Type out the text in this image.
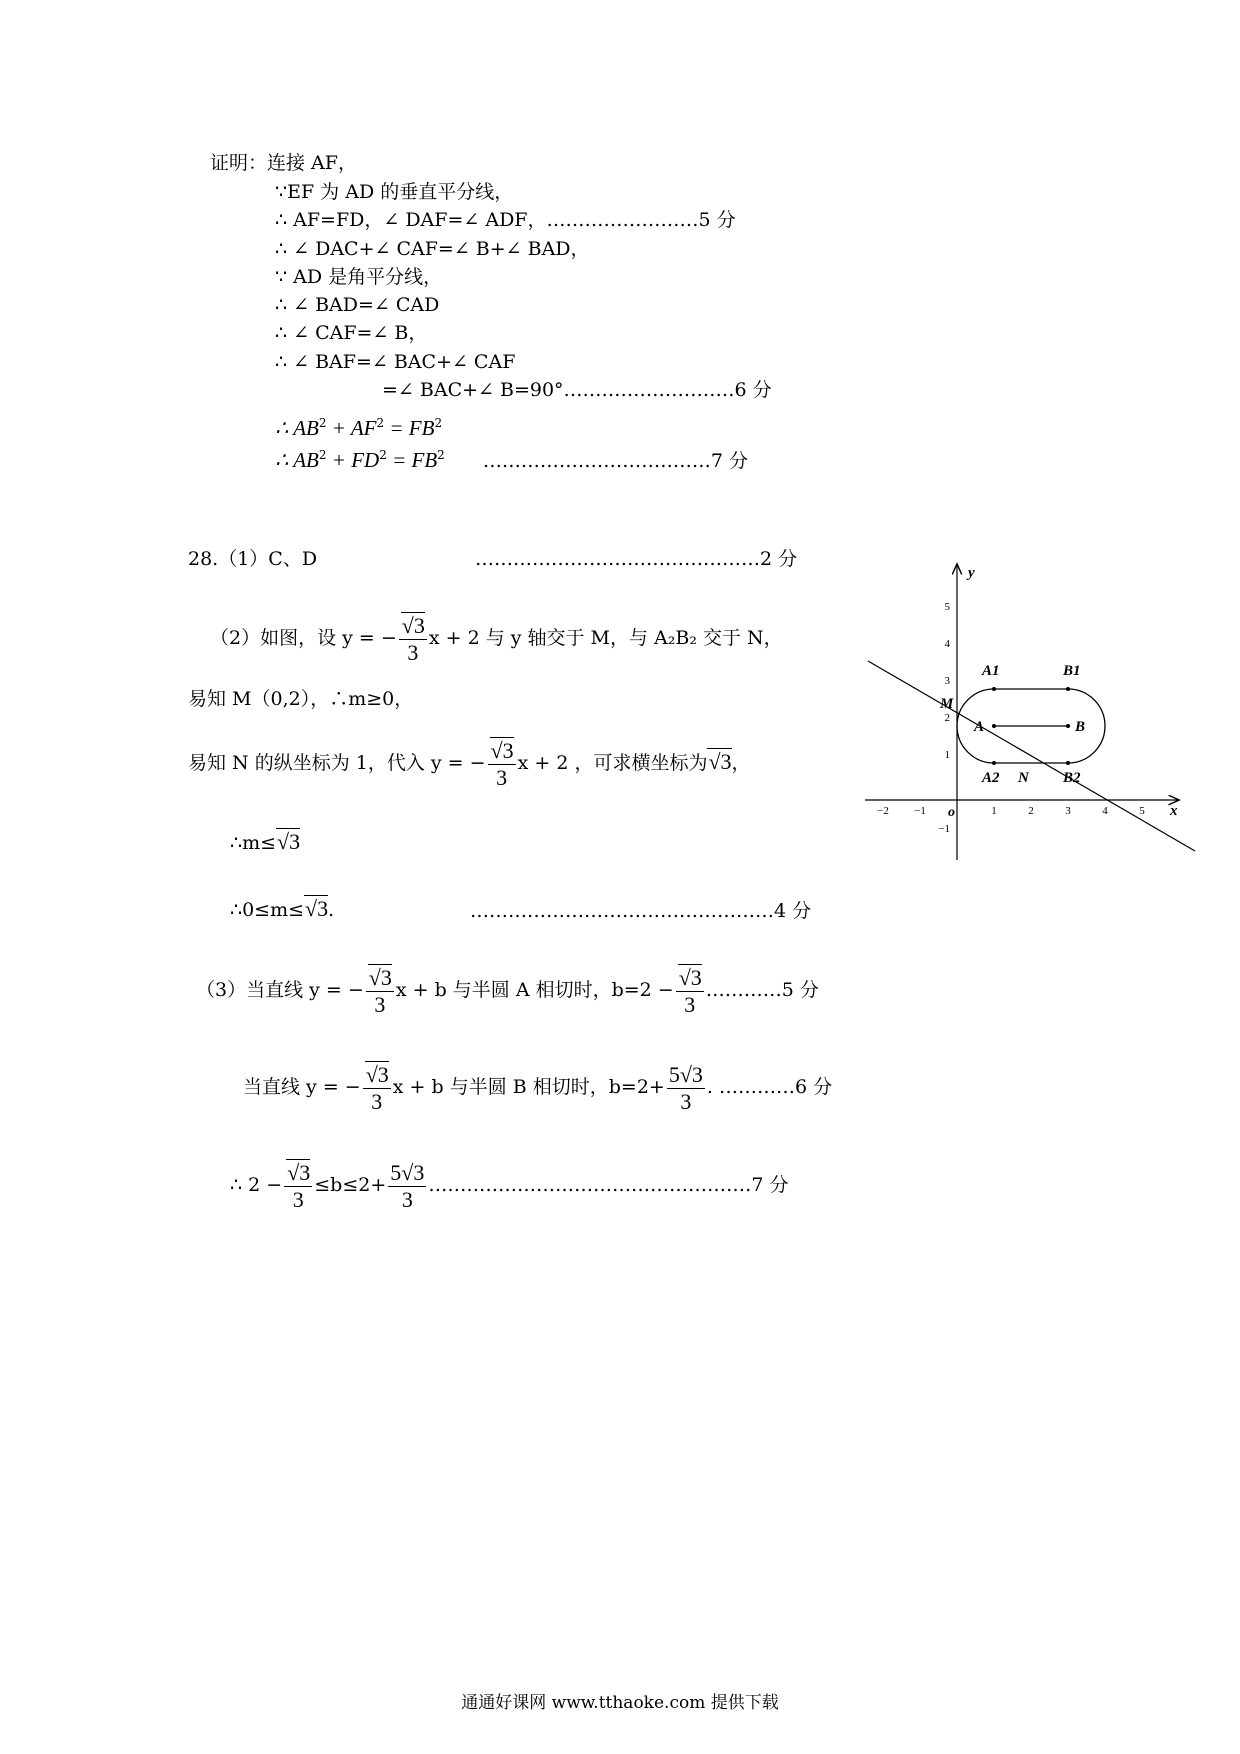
证明：连接 AF，
∵EF 为 AD 的垂直平分线，
∴ AF=FD，∠ DAF=∠ ADF，……………………5 分
∴ ∠ DAC+∠ CAF=∠ B+∠ BAD，
∵ AD 是角平分线，
∴ ∠ BAD=∠ CAD
∴ ∠ CAF=∠ B，
∴ ∠ BAF=∠ BAC+∠ CAF
=∠ BAC+∠ B=90°………………………6 分
∴ $AB^2 + AF^2 = FB^2$
∴ $AB^2 + FD^2 = FB^2$ ………………………………7 分
28.（1）C、D	………………………………………2 分
（2）如图，设 y = − $\frac{√3}{3}$ x + 2 与 y 轴交于 M，与 A₂B₂ 交于 N，
易知 M（0,2），∴m≥0，
易知 N 的纵坐标为 1，代入 y = − $\frac{√3}{3}$ x + 2 ，可求横坐标为√3，
∴m≤√3
∴0≤m≤√3.	…………………………………………4 分
（3）当直线 y = − $\frac{√3}{3}$ x + b 与半圆 A 相切时，$b=2 - \frac{√3}{3}$ …………5 分
当直线 y = − $\frac{√3}{3}$ x + b 与半圆 B 相切时，$b=2+ \frac{5√3}{3}$ . …………6 分
∴ $2 - \frac{√3}{3} \le b\le 2+ \frac{5√3}{3}$ ……………………………………………7 分
y
x
o
−2 −1	1	2	3	4	5
5
4
3
2
1
−1
A1	B1
A	B
A2	B2
M
N
通通好课网 www.tthaoke.com 提供下载
